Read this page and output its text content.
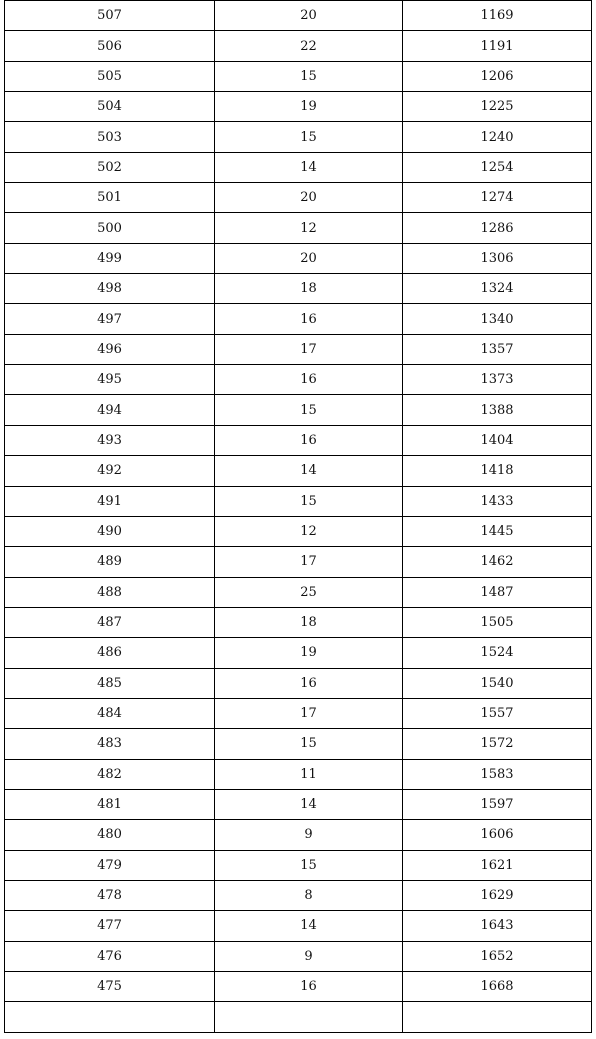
507	20	1169
506	22	1191
505	15	1206
504	19	1225
503	15	1240
502	14	1254
501	20	1274
500	12	1286
499	20	1306
498	18	1324
497	16	1340
496	17	1357
495	16	1373
494	15	1388
493	16	1404
492	14	1418
491	15	1433
490	12	1445
489	17	1462
488	25	1487
487	18	1505
486	19	1524
485	16	1540
484	17	1557
483	15	1572
482	11	1583
481	14	1597
480	9	1606
479	15	1621
478	8	1629
477	14	1643
476	9	1652
475	16	1668
